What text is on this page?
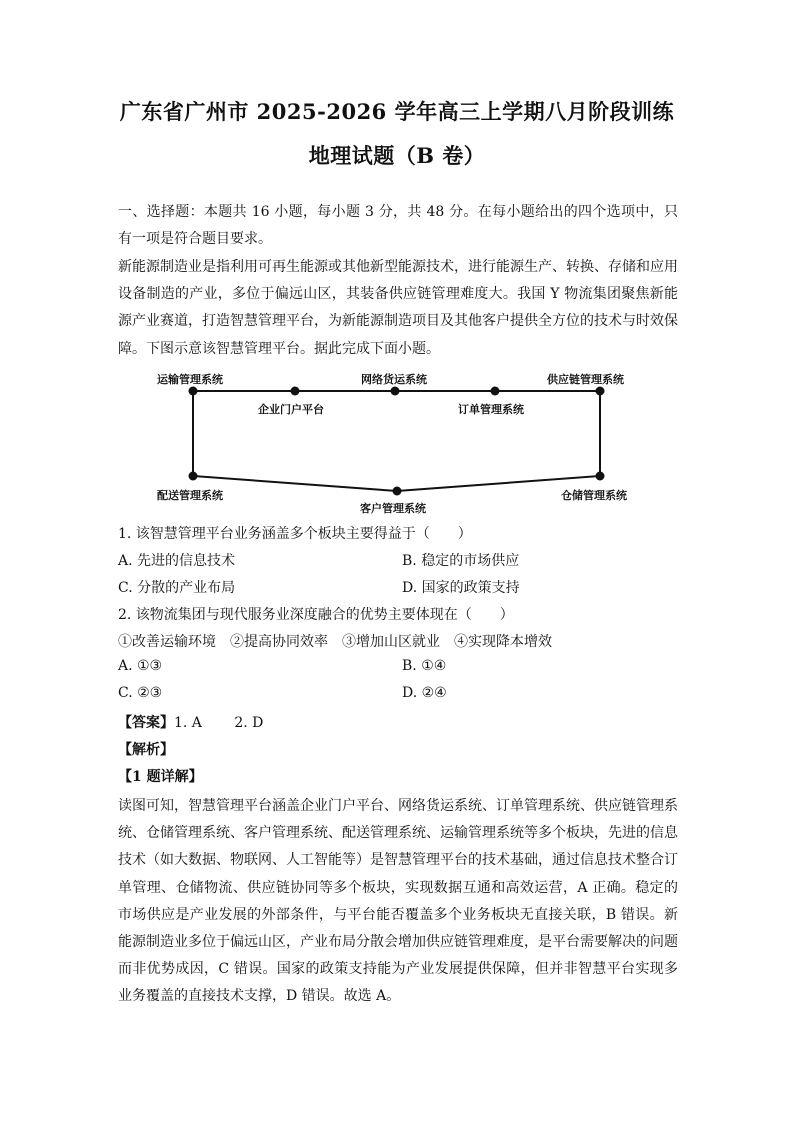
广东省广州市 2025-2026 学年高三上学期八月阶段训练
地理试题（B 卷）
一、选择题：本题共 16 小题，每小题 3 分，共 48 分。在每小题给出的四个选项中，只有一项是符合题目要求。
新能源制造业是指利用可再生能源或其他新型能源技术，进行能源生产、转换、存储和应用设备制造的产业，多位于偏远山区，其装备供应链管理难度大。我国 Y 物流集团聚焦新能源产业赛道，打造智慧管理平台，为新能源制造项目及其他客户提供全方位的技术与时效保障。下图示意该智慧管理平台。据此完成下面小题。
运输管理系统
企业门户平台
网络货运系统
订单管理系统
供应链管理系统
配送管理系统
客户管理系统
仓储管理系统
1. 该智慧管理平台业务涵盖多个板块主要得益于（　　）
A. 先进的信息技术	B. 稳定的市场供应
C. 分散的产业布局	D. 国家的政策支持
2. 该物流集团与现代服务业深度融合的优势主要体现在（　　）
①改善运输环境　②提高协同效率　③增加山区就业　④实现降本增效
A. ①③	B. ①④
C. ②③	D. ②④
【答案】1. A　　 2. D
【解析】
【1 题详解】
读图可知，智慧管理平台涵盖企业门户平台、网络货运系统、订单管理系统、供应链管理系统、仓储管理系统、客户管理系统、配送管理系统、运输管理系统等多个板块，先进的信息技术（如大数据、物联网、人工智能等）是智慧管理平台的技术基础，通过信息技术整合订单管理、仓储物流、供应链协同等多个板块，实现数据互通和高效运营，A 正确。稳定的市场供应是产业发展的外部条件，与平台能否覆盖多个业务板块无直接关联，B 错误。新能源制造业多位于偏远山区，产业布局分散会增加供应链管理难度，是平台需要解决的问题而非优势成因，C 错误。国家的政策支持能为产业发展提供保障，但并非智慧平台实现多业务覆盖的直接技术支撑，D 错误。故选 A。
